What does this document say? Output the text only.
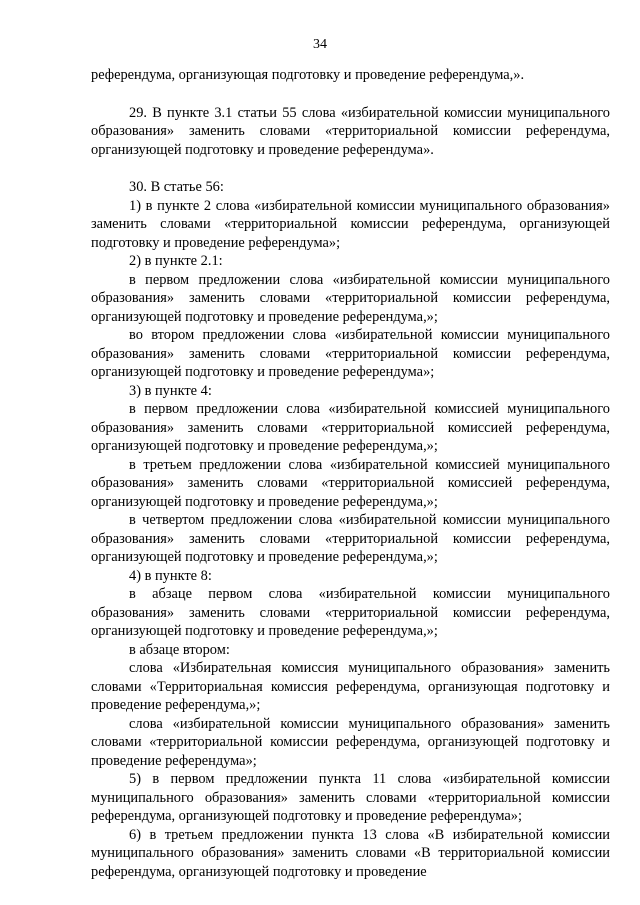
34

референдума, организующая подготовку и проведение референдума,».

29. В пункте 3.1 статьи 55 слова «избирательной комиссии муниципального образования» заменить словами «территориальной комиссии референдума, организующей подготовку и проведение референдума».

30. В статье 56:

1) в пункте 2 слова «избирательной комиссии муниципального образования» заменить словами «территориальной комиссии референдума, организующей подготовку и проведение референдума»;

2) в пункте 2.1:

в первом предложении слова «избирательной комиссии муниципального образования» заменить словами «территориальной комиссии референдума, организующей подготовку и проведение референдума,»;

во втором предложении слова «избирательной комиссии муниципального образования» заменить словами «территориальной комиссии референдума, организующей подготовку и проведение референдума»;

3) в пункте 4:

в первом предложении слова «избирательной комиссией муниципального образования» заменить словами «территориальной комиссией референдума, организующей подготовку и проведение референдума,»;

в третьем предложении слова «избирательной комиссией муниципального образования» заменить словами «территориальной комиссией референдума, организующей подготовку и проведение референдума,»;

в четвертом предложении слова «избирательной комиссии муниципального образования» заменить словами «территориальной комиссии референдума, организующей подготовку и проведение референдума,»;

4) в пункте 8:

в абзаце первом слова «избирательной комиссии муниципального образования» заменить словами «территориальной комиссии референдума, организующей подготовку и проведение референдума,»;

в абзаце втором:

слова «Избирательная комиссия муниципального образования» заменить словами «Территориальная комиссия референдума, организующая подготовку и проведение референдума,»;

слова «избирательной комиссии муниципального образования» заменить словами «территориальной комиссии референдума, организующей подготовку и проведение референдума»;

5) в первом предложении пункта 11 слова «избирательной комиссии муниципального образования» заменить словами «территориальной комиссии референдума, организующей подготовку и проведение референдума»;

6) в третьем предложении пункта 13 слова «В избирательной комиссии муниципального образования» заменить словами «В территориальной комиссии референдума, организующей подготовку и проведение
